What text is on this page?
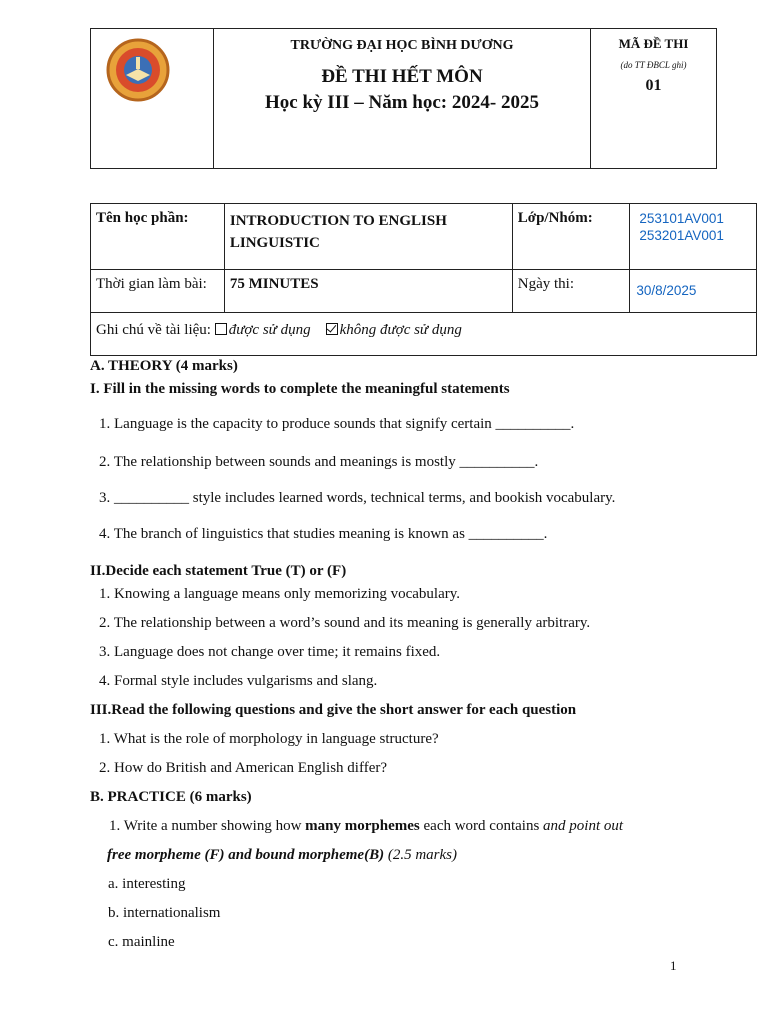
TRƯỜNG ĐẠI HỌC BÌNH DƯƠNG
ĐỀ THI HẾT MÔN
Học kỳ III – Năm học: 2024- 2025

MÃ ĐỀ THI
(do TT ĐBCL ghi)
01
Tên học phần:	INTRODUCTION TO ENGLISH LINGUISTIC	Lớp/Nhóm:	253101AV001
253201AV001

Thời gian làm bài:	75 MINUTES	Ngày thi:	30/8/2025
Ghi chú về tài liệu: được sử dụng không được sử dụng			
A. THEORY (4 marks)
I. Fill in the missing words to complete the meaningful statements
1. Language is the capacity to produce sounds that signify certain __________.
2. The relationship between sounds and meanings is mostly __________.
3. __________ style includes learned words, technical terms, and bookish vocabulary.
4. The branch of linguistics that studies meaning is known as __________.
II.Decide each statement True (T) or (F)
1. Knowing a language means only memorizing vocabulary.
2. The relationship between a word’s sound and its meaning is generally arbitrary.
3. Language does not change over time; it remains fixed.
4. Formal style includes vulgarisms and slang.
III.Read the following questions and give the short answer for each question
1. What is the role of morphology in language structure?
2. How do British and American English differ?
B. PRACTICE (6 marks)
1. Write a number showing how many morphemes each word contains and point out
free morpheme (F) and bound morpheme(B) (2.5 marks)
a. interesting
b. internationalism
c. mainline
1
